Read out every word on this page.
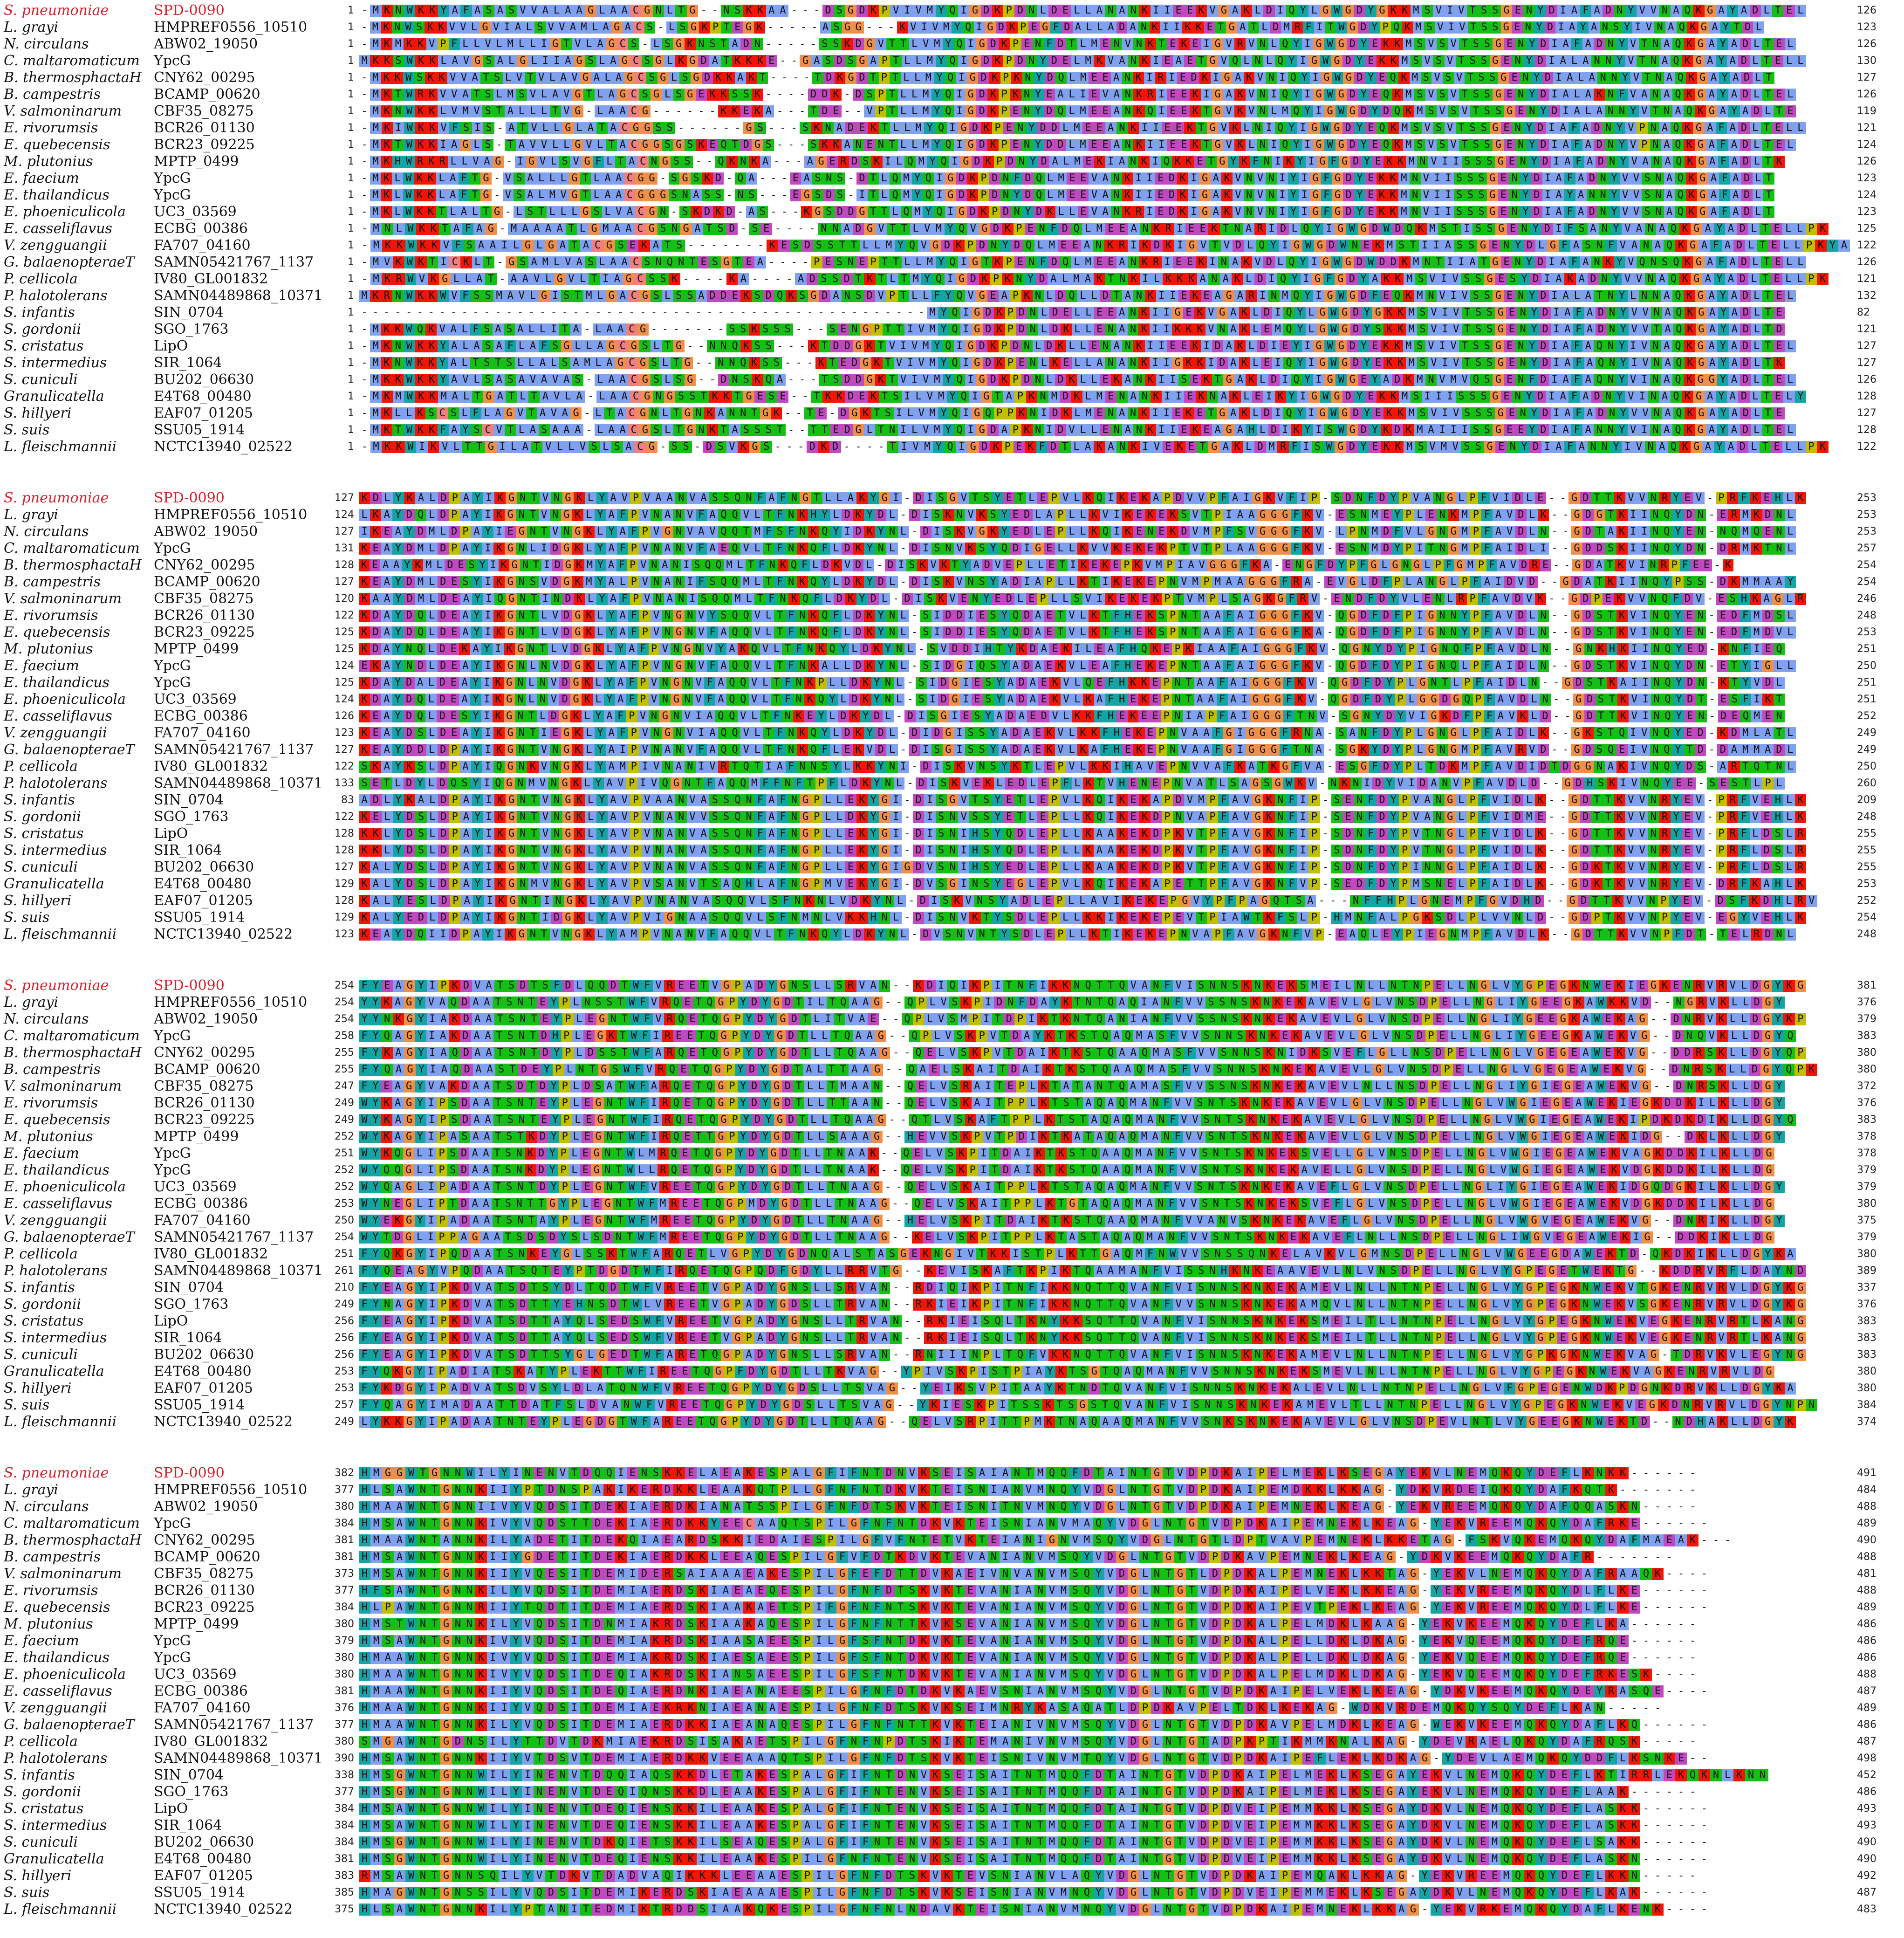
S. pneumoniae	SPD-0090	1 - M K N W K K Y A F A S A S V V A L A A G L A A C G N L T G - - N S K K A A - - - D S G D K P V I V M Y Q I G D K P D N L D E L L A N A N K I I E E K V G A K L D I Q Y L G W G D Y G K K M S V I V T S S G E N Y D I A F A D N Y V V N A Q K G A Y A D L T E L	126
L. grayi	HMPREF0556_10510	1 - M K N W S K K V V L G V I A L S V V A M L A G A C S - L S G K P T E G K - - - - - A S G G - - - K V I V M Y Q I G D K P E G F D A L L A D A N K I I K K E T G A T L D M R F I T W G D Y P Q K M S V I V T S S G E N Y D I A Y A N S Y I V N A Q K G A Y T D L	123
N. circulans	ABW02_19050	1 - M K M K K V P F L L V L M L L I G T V L A G C S - L S G K N S T A D N - - - - - S S K D G V T T L V M Y Q I G D K P E N F D T L M E N V N K T E K E I G V R V N L Q Y I G W G D Y E K K M S V S V T S S G E N Y D I A F A D N Y V T N A Q K G A Y A D L T E L	126
C. maltaromaticum	YpcG	1 M K K S W K K L A V G S A L G L I I A G S L A G C S G L K G D A T K K K E - - G A S D S G A P T L L M Y Q I G D K P D N Y D E L M K V A N K I E A E T G V Q L N L Q Y I G W G D Y E K K M S V S V T S S G E N Y D I A L A N N Y V T N A Q K G A Y A D L T E L L	130
B. thermosphactaH CNY62_00295	1 - M K K W S K K V V A T S L V T V L A V G A L A G C S G L S G D K K A K T - - - - T D K G D T P T L L M Y Q I G D K P K N Y D Q L M E E A N K I R I E D K I G A K V N I Q Y I G W G D Y E Q K M S V S V T S S G E N Y D I A L A N N Y V T N A Q K G A Y A D L T	127
B. campestris	BCAMP_00620	1 - M K T W R K V V A T S L M S V L A V G T L A G C S G L S G E K K S S K - - - - D D K - D S P T L L M Y Q I G D K P K N Y E A L I E V A N K R I E E K I G A K V N I Q Y I G W G D Y E Q K M S V S V T S S G E N Y D I A L A K N F V A N A Q K G A Y A D L T E L	126
V. salmoninarum	CBF35_08275	1 - M K N W K K L V M V S T A L L L T V G - L A A C G - - - - - - K K E K A - - - T D E - - V P T L L M Y Q I G D K P E N Y D Q L M E E A N K Q I E E K T G V K V N L M Q Y I G W G D Y D Q K M S V S V T S S G E N Y D I A L A N N Y V T N A Q K G A Y A D L T E	119
E. rivorumsis	BCR26_01130	1 - M K I W K K V F S I S - A T V L L G L A T A C G G S S - - - - - - G S - - - S K N A D E K T L L M Y Q I G D K P E N Y D D L M E E A N K I I E E K T G V K L N I Q Y I G W G D Y E Q K M S V S V T S S G E N Y D I A F A D N Y V P N A Q K G A F A D L T E L L	121
E. quebecensis	BCR23_09225	1 - M K T W K K I A G L S - T A V V L L G V L T A C G G S G S K E Q T D G S - - - S K K A N E N T L L M Y Q I G D K P E N Y D D L M E E A N K I I E E K T G V K L N I Q Y I G W G D Y E Q K M S V S V T S S G E N Y D I A F A D N Y V P N A Q K G A F A D L T E L	124
M. plutonius	MPTP_0499	1 - M K H W R K R L L V A G - I G V L S V G F L T A C N G S S - - Q K N K A - - - A G E R D S K I L Q M Y Q I G D K P D N Y D A L M E K I A N K I Q K K E T G Y K F N I K Y I G F G D Y E K K M N V I I S S S G E N Y D I A F A D N Y V A N A Q K G A F A D L T K	126
E. faecium	YpcG	1 - M K L W K K L A F T G - V S A L L L G T L A A C G G - S G S K D - Q A - - - E A S N S - D T L Q M Y Q I G D K P D N F D Q L M E E V A N K I I E D K I G A K V N V N I Y I G F G D Y E K K M N V I I S S S G E N Y D I A F A D N Y V V S N A Q K G A F A D L T	123
E. thailandicus	YpcG	1 - M K L W K K L A F T G - V S A L M V G T L A A C G G G S N A S S - N S - - - E G S D S - I T L Q M Y Q I G D K P D N Y D Q L M E E V A N K I I E D K I G A K V N V N I Y I G F G D Y E K K M N V I I S S S G E N Y D I A Y A N N Y V V S N A Q K G A F A D L T	124
E. phoeniculicola	UC3_03569	1 - M K L W K K T L A L T G - L S T L L L G S L V A C G N - S K D K D - A S - - - K G S D D G T T L Q M Y Q I G D K P D N Y D K L L E V A N K R I E D K I G A K V N V N I Y I G F G D Y E K K M N V I I S S S G E N Y D I A F A D N Y V V S N A Q K G A F A D L T	123
E. casseliflavus	ECBG_00386	1 - M N L W K K T A F A G - M A A A A T L G M A A C G S N G A T S D - S E - - - - N N A D G V T T L V M Y Q V G D K P E N F D Q L M E E A N K R I E E K T N A R I D L Q Y I G W G D W D Q K M S T I S S G E N Y D I F S A N Y V A N A Q K G A Y A D L T E L L P K	125
V. zengguangii	FA707_04160	1 - M K K W K K V F S A A I L G L G A T A C G S E K A T S - - - - - - - K E S D S S T T L L M Y Q V G D K P D N Y D Q L M E E A N K R I K D K I G V T V D L Q Y I G W G D W N E K M S T I I A S S G E N Y D L G F A S N F V A N A Q K G A F A D L T E L L P K Y A 122
G. balaenopteraeT	SAMN05421767_1137	1 - M V K W K T I C K L T - G S A M L V A S L A A C S N Q N T E S G T E A - - - - P E S N E P T T L L M Y Q I G T K P E N F D Q L M E E A N K R I E E K I N A K V D L Q Y I G W G D W D D K M N T I I A T G E N Y D I A F A N K Y V Q N S Q K G A F A D L T E L L	126
P. cellicola	IV80_GL001832	1 - M K R W V K G L L A T - A A V L G V L T I A G C S S K - - - - K A - - - - A D S S D T K T L T M Y Q I G D K P K N Y D A L M A K T N K I L K K K A N A K L D I Q Y I G F G D Y A K K M S V I V S S G E S Y D I A K A D N Y V V N A Q K G A Y A D L T E L L P K	121
P. halotolerans	SAMN04489868_10371	1 M K R N W K K W V F S S M A V L G I S T M L G A C G S L S S A D D E K S D Q K S G D A N S D V P T L L F Y Q V G E A P K N L D Q L L D T A N K I I E K E A G A R I N M Q Y I G W G D F E Q K M N V I V S S G E N Y D I A L A T N Y L N N A Q K G A Y A D L T E L	132
S. infantis	SIN_0704	1 - - - - - - - - - - - - - - - - - - - - - - - - - - - - - - - - - - - - - - - - - - - - - - - - - - - M Y Q I G D K P D N L D E L L E E A N K I I G E K V G A K L D I Q Y L G W G D Y G K K M S V I V T S S G E N Y D I A F A D N Y V V N A Q K G A Y A D L T E	82
S. gordonii	SGO_1763	1 - M K K W Q K V A L F S A S A L L I T A - L A A C G - - - - - - - S S K S S S - - - S E N G P T T I V M Y Q I G D K P D N L D K L L E N A N K I I K K K V N A K L E M Q Y L G W G D Y S K K M S V I V T S S G E N Y D I A F A D N Y V V T A Q K G A Y A D L T D	121
S. cristatus	LipO	1 - M K N W K K Y A L A S A F L A F S G L L A G C G S L T G - - N N Q K S S - - - K T D D G K T V I V M Y Q I G D K P D N L D K L L E N A N K I I E E K I D A K L D I E Y I G W G D Y E K K M S V I V T S S G E N Y D I A F A Q N Y I V N A Q K G A Y A D L T E L	127
S. intermedius	SIR_1064	1 - M K N W K K Y A L T S T S L L A L S A M L A G C G S L T G - - N N Q K S S - - - K T E D G K T V I V M Y Q I G D K P E N L K E L L A N A N K I I G K K I D A K L E I Q Y I G W G D Y E K K M S V I V T S S G E N Y D I A F A Q N Y I V N A Q K G A Y A D L T K	127
S. cuniculi	BU202_06630	1 - M K K W K K Y A V L S A S A V A V A S - L A A C G S L S G - - D N S K Q A - - - T S D D G K T V I V M Y Q I G D K P D N L D K L L E K A N K I I S E K T G A K L D I Q Y I G W G E Y A D K M N V M V Q S G E N F D I A F A Q N Y V I N A Q K G G Y A D L T E L	126
Granulicatella	E4T68_00480	1 - M K M W K K M A L T G A T L T A V L A - L A A C G N G S S T K K T G E S E - - T K K D E K T S I L V M Y Q I G T A P K N M D K L M E N A N K I I E K N A K L E I K Y I G W G D Y E K K M S I I I S S S G E N Y D I A F A D N Y V I N A Q K G A Y A D L T E L Y	128
S. hillyeri	EAF07_01205	1 - M K L L K S C S L F L A G V T A V A G - L T A C G N L T G N K A N N T G K - - T E - D G K T S I L V M Y Q I G Q P P K N I D K L M E N A N K I I E K E T G A K L D I Q Y I G W G D Y E K K M S V I V S S S G E N Y D I A F A D N Y V V N A Q K G A Y A D L T E	127
S. suis	SSU05_1914	1 - M K T W K K F A Y S C V T L A S A A A - L A A C G S L T G N K T A S S S T - - T T E D G L T N I L V M Y Q I G D A P K N I D V L L E N A N K I I E K E A G A H L D I K Y I S W G D Y K D K M A I I I S S G E E Y D I A F A N N Y V I N A Q K G A Y A D L T E L	128
L. fleischmannii	NCTC13940_02522	1 - M K K W I K V L T T G I L A T V L L V S L S A C G - S S - D S V K G S - - - D K D - - - - T I V M Y Q I G D K P E K F D T L A K A N K I V E K E T G A K L D M R F I S W G D Y E K K M S V M V S S G E N Y D I A F A N N Y I V N A Q K G A Y A D L T E L L P K	122
S. pneumoniae	SPD-0090	127 K D L Y K A L D P A Y I K G N T V N G K L Y A V P V A A N V A S S Q N F A F N G T L L A K Y G I - D I S G V T S Y E T L E P V L K Q I K E K A P D V V P F A I G K V F I P - S D N F D Y P V A N G L P F V I D L E - - G D T T K V V N R Y E V - P R F K E H L K	253
L. grayi	HMPREF0556_10510	124 L K A Y D Q L D P A Y I K G N T V N G K L Y A F P V N A N V F A Q Q V L T F N K H Y L D K Y D L - D I S K N V K S Y E D L A P L L K V I K E K E K S V T P I A A G G G F K V - E S N M E Y P L E N K M P F A V D L K - - G D G T K I I N Q Y D N - E R M K D N L	253
N. circulans	ABW02_19050	127 I K E A Y D M L D P A Y I E G N T V N G K L Y A F P V G N V A V Q Q T M F S F N K Q Y I D K Y N L - D I S K V G K Y E D L E P L L K Q I K E N E K D V M P F S V G G G F K V - L P N M D F V L G N G M P F A V D L N - - G D T A K I I N Q Y E N - N Q M Q E N L	253
C. maltaromaticum	YpcG	131 K E A Y D M L D P A Y I K G N L I D G K L Y A F P V N A N V F A E Q V L T F N K Q F L D K Y N L - D I S N V K S Y Q D I G E L L K V V K E K E K P T V T P L A A G G G F K V - E S N M D Y P I T N G M P F A I D L I - - G D D S K I I N Q Y D N - D R M K T N L	257
B. thermosphactaH CNY62_00295	128 K E A A Y K M L D E S Y I K G N T I D G K M Y A F P V N A N I S Q Q M L T F N K Q F L D K V D L - D I S K V K T Y A D V E P L L E T I K E K E P K V M P I A V G G G F K A - E N G F D Y P F G L G N G L P F G M P F A V D R E - - G D A T K V I N R P F E E - K	254
B. campestris	BCAMP_00620	127 K E A Y D M L D E S Y I K G N S V D G K M Y A L P V N A N I F S Q Q M L T F N K Q Y L D K Y D L - D I S K V N S Y A D I A P L L K T I K E K E P N V M P M A A G G G F R A - E V G L D F P L A N G L P F A I D V D - - G D A T K I I N Q Y P S S - D K M M A A Y	254
V. salmoninarum	CBF35_08275	120 K A A Y D M L D E A Y I Q G N T I N D K L Y A F P V N A N I S Q Q M L T F N K Q F L D K Y D L - D I S K V E N Y E D L E P L L S V I K E K E K P T V M P L S A G K G F R V - E N D F D Y V L E N L R P F A V D V K - - G D P E K V V N Q F D V - E S H K A G L R	246
E. rivorumsis	BCR26_01130	122 K D A Y D Q L D E A Y I K G N T L V D G K L Y A F P V N G N V Y S Q Q V L T F N K Q F L D K Y N L - S I D D I E S Y Q D A E T V L K T F H E K S P N T A A F A I G G G F K V - Q G D F D F P I G N N Y P F A V D L N - - G D S T K V I N Q Y E N - E D F M D S L	248
E. quebecensis	BCR23_09225	125 K D A Y D Q L D E A Y I K G N T L V D G K L Y A F P V N G N V F A Q Q V L T F N K Q F L D K Y N L - S I D D I E S Y Q D A E T V L K T F H E K S P N T A A F A I G G G F K A - Q G D F D F P I G N N Y P F A V D L N - - G D S T K V I N Q Y E N - E D F M D V L	253
M. plutonius	MPTP_0499	125 K D A Y N Q L D E K A Y I K G N T L V D G K L Y A F P V N G N V Y A K Q V L T F N K Q Y L D K Y N L - S V D D I H T Y K D A E K I L E A F H Q K E P K I A A F A I G G G F K V - Q G N Y D Y P I G N Q F P F A V D L N - - G N K H K I I N Q Y E D - K N F I E Q	251
E. faecium	YpcG	124 E K A Y N D L D E A Y I K G N L N V D G K L Y A F P V N G N V F A Q Q V L T F N K A L L D K Y N L - S I D G I Q S Y A D A E K V L E A F H E K E P N T A A F A I G G G F K V - Q G D F D Y P I G N Q L P F A I D L N - - G D S T K V I N Q Y D N - E T Y I G L L	250
E. thailandicus	YpcG	125 K D A Y D A L D E A Y I K G N L N V D G K L Y A F P V N G N V F A Q Q V L T F N K P L L D K Y N L - S I D G I E S Y A D A E K V L Q E F H K K E P N T A A F A I G G G F K V - Q G D F D Y P L G N T L P F A I D L N - - G D S T K A I I N Q Y D N - K T Y V D L	251
E. phoeniculicola	UC3_03569	124 K D A Y D Q L D E A Y I K G N L N V D G K L Y A F P V N G N V F A Q Q V L T F N K Q Y L D K Y N L - S I D G I E S Y A D A E K V L K A F H E K E P N T A A F A I G G G F K V - Q G D F D Y P L G G D G Q P F A V D L N - - G D S T K V I N Q Y D T - E S F I K T	251
E. casseliflavus	ECBG_00386	126 K E A Y D Q L D E S Y I K G N T L D G K L Y A F P V N G N V I A Q Q V L T F N K E Y L D K Y D L - D I S G I E S Y A D A E D V L K K F H E K E E P N I A P F A I G G G F T N V - S G N Y D Y V I G K D F P F A V K L D - - G D T T K V I N Q Y E N - D E Q M E N	252
V. zengguangii	FA707_04160	123 K E A Y D S L D E A Y I K G N T I E G K L Y A F P V N G N V I A Q Q V L T F N K Q Y L D K Y D L - D I D G I S S Y A D A E K V L K K F H E K E P N V A A F G I G G G F R N A - S A N F D Y P L G N G L P F A I D L K - - G K S T Q I V N Q Y E D - K D M L A T L	249
G. balaenopteraeT	SAMN05421767_1137	127 K E A Y D D L D P A Y I K G N T V N G K L Y A I P V N A N V F A Q Q V L T F N K Q F L E K V D L - D I S G I S S Y A D A E K V L K A F H E K E P N V A A F G I G G G F T N A - S G K Y D Y P L G N G M P F A V R V D - - G D S Q E I V N Q Y T D - D A M M A D L	249
P. cellicola	IV80_GL001832	122 S K A Y K S L D P A Y I Q G N K V N G K L Y A M P I V N A N I V R T Q T I A F N N S Y L K K Y N I - D I S K V N S Y K T L E P V L K K I H A V E P N V V A F K A T K G F V A - E S G F D Y P L T D K M P F A V D I D T D G G N A K I V N Q Y D S - A R T Q T N L	250
P. halotolerans	SAMN04489868_10371	133 S E T L D Y L D Q S Y I Q G N M V N G K L Y A V P I V Q G N T F A Q Q M F F N F T P F L D K Y N L - D I S K V E K L E D L E P F L K T V H E N E P N V A T L S A G S G W K V - N K N I D Y V I D A N V P F A V D L D - - G D H S K I V N Q Y E E - S E S T L P L	260
S. infantis	SIN_0704	83 A D L Y K A L D P A Y I K G N T V N G K L Y A V P V A A N V A S S Q N F A F N G P L L E K Y G I - D I S G V T S Y E T L E P V L K Q I K E K A P D V M P F A V G K N F I P - S E N F D Y P V A N G L P F V I D L K - - G D T T K V V N R Y E V - P R F V E H L K	209
S. gordonii	SGO_1763	122 K E L Y D S L D P A Y I K G N T V N G K L Y A V P V N A N V V S S Q N F A F N G P L L D K Y G I - D I S N V S S Y E T L E P L L K Q I K E K D P N V A P F A V G K N F I P - S E N F D Y P V A N G L P F V I D M E - - G D T T K V V N R Y E V - P R F V E H L K	248
S. cristatus	LipO	128 K K L Y D S L D P A Y I K G N T V N G K L Y A V P V N A N V A S S Q N F A F N G P L L E K Y G I - D I S N I H S Y Q D L E P L L K A A K E K D P K V T P F A V G K N F I P - S D N F D Y P V T N G L P F V I D L K - - G D T T K V V N R Y E V - P R F L D S L R	255
S. intermedius	SIR_1064	128 K K L Y D S L D P A Y I K G N T V N G K L Y A V P V N A N V A S S Q N F A F N G P L L E K Y G I - D I S N I H S Y Q D L E P L L K A A K E K D P K V T P F A V G K N F I P - S D N F D Y P V T N G L P F V I D L K - - G D T T K V V N R Y E V - P R F L D S L R	255
S. cuniculi	BU202_06630	127 K A L Y D S L D P A Y I K G N T V N G K L Y A V P V N A N V A S S Q N F A F N G P L L E K Y G I G D V S N I H S Y E D L E P L L K A A K E K D P K V T P F A V G K N F I P - S D N F D Y P I N N G L P F A I D L K - - G D K T K V V N R Y E V - P R F L D S L R	255
Granulicatella	E4T68_00480	129 K A L Y D S L D P A Y I K G N M V N G K L Y A V P V S A N V T S A Q H L A F N G P M V E K Y G I - D V S G I N S Y E G L E P V L K Q I K E K A P E T T P F A V G K N F V P - S E D F D Y P M S N E L P F A I D L K - - G D K T K V V N R Y E V - D R F K A H L K	253
S. hillyeri	EAF07_01205	128 K A L Y E S L D P A Y I K G N T I N G K L Y A V P V N A N V A S Q Q V L S F N K N L V D K Y N L - D I S K V N S Y A D L E P L L A V I K E K E P G V Y P F P A G Q T S A - - - N F F H P L G N E M P F G V D H D - - G D T T K V V N P Y E V - D S F K D H L R V	252
S. suis	SSU05_1914	129 K A L Y E D L D P A Y I K G N T I D G K L Y A V P V I G N A A S Q Q V L S F N M N L V K K H N L - D I S N V K T Y S D L E P L L K K I K E K E P E V T P I A W T K F S L P - H M N F A L P G K S D L P L V V N L D - - G D P T K V V N P Y E V - E G Y V E H L K	254
L. fleischmannii	NCTC13940_02522	123 K E A Y D Q I I D P A Y I K G N T V N G K L Y A M P V N A N V F A Q Q V L T F N K Q Y L D K Y N L - D V S N V N T Y S D L E P L L K T I K E K E P N V A P F A V G K N F V P - E A Q L E Y P I E G N M P F A V D L K - - G D T T K V V N P F D T - T E L R D N L	248
S. pneumoniae	SPD-0090	254 F Y E A G Y I P K D V A T S D T S F D L Q Q D T W F V R E E T V G P A D Y G N S L L S R V A N - - K D I Q I K P I T N F I K K N Q T T Q V A N F V I S N N S K N K E K S M E I L N L L N T N P E L L N G L V Y G P E G K N W E K I E G K E N R V R V L D G Y K G	381
L. grayi	HMPREF0556_10510	254 Y Y K A G Y V A Q D A A T S N T E Y P L N S S T W F V R Q E T Q G P Y D Y G D T I L T Q A A G - - Q P L V S K P I D N F D A Y K T N T Q A Q I A N F V V S S N S K N K E K A V E V L G L V N S D P E L L N G L I Y G E E G K A W K K V D - - N G R V K L L D G Y	376
N. circulans	ABW02_19050	254 Y Y N K G Y I A K D A A T S N T E Y P L E G N T W F V R Q E T Q G P Y D Y G D T L I T V A E - - Q P L V S M P I T D P I K T K N T Q A N I A N F V V S S N S K N K E K A V E V L G L V N S D P E L L N G L I Y G E E G K A W E K A G - - D N R V K L L D G Y K P	379
C. maltaromaticum	YpcG	258 F Y Q A G Y I A K D A A T S N T D H P L E G K T W F I R E E T Q G P Y D Y G D T L L T Q A A G - - Q P L V S K P V T D A Y K T K S T Q A Q M A S F V V S N N S K N K E K A V E V L G L V N S D P E L L N G L I Y G E E G K A W E K V G - - D N Q V K L L D G Y Q	383
B. thermosphactaH CNY62_00295	255 F Y K A G Y I A Q D A A T S N T D Y P L D S S T W F A R Q E T Q G P Y D Y G D T L L T Q A A G - - Q E L V S K P V T D A I K T K S T Q A A Q M A S F V V S N N S K N I D K S V E F L G L L N S D P E L L N G L V G E G E A W E K V G - - D D R S K L L D G Y Q P	380
B. campestris	BCAMP_00620	255 F Y Q A G Y I A Q D A A S T D E Y P L N T G S W F V R Q E T Q G P Y D Y G D T A L T T A A G - - Q A E L S K A I T D A I K T K S T Q A A Q M A S F V V S N N S K N K E K A V E V L G L V N S D P E L L N G L V G E G E A W E K V G - - D N R S K L L D G Y Q P K	380
V. salmoninarum	CBF35_08275	247 F Y E A G Y V A K D A A T S D T D Y P L D S A T W F A R Q E T Q G P Y D Y G D T L L T M A A N - - Q E L V S R A I T E P L K T A T A N T Q A M A S F V V S S N S K N K E K A V E V L N L L N S D P E L L N G L I Y G I E G E A W E K V G - - D N R S K L L D G Y	372
E. rivorumsis	BCR26_01130	249 W Y K A G Y I P S D A A T S N T E Y P L E G N T W F I R Q E T Q G P Y D Y G D T L L T T A A N - - Q E L V S K A I T P P L K T S T A Q A Q M A N F V V S N T S K N K E K A V E V L G L V N S D P E L L N G L V W G I E G E A W E K I E G K D D K I L K L L D G Y	376
E. quebecensis	BCR23_09225	249 W Y K A G Y I P S D A A T S N T E Y P L E G N T W F I R Q E T Q G P Y D Y G D T L L T Q A A G - - Q T L V S K A F T P P L K T S T A Q A Q M A N F V V S N T S K N K E K A V E V L G L V N S D P E L L N G L V W G I E G E A W E K I P D K D K D I K L L D G Y Q	383
M. plutonius	MPTP_0499	252 W Y K A G Y I P A S A A T S T K D Y P L E G N T W F I R Q E T T G P Y D Y G D T L L S A A A G - - H E V V S K P V T P D I K T K A T A Q A Q M A N F V V S N T S K N K E K A V E V L G L V N S D P E L L N G L V W G I E G E A W E K I D G - - D K L K L L D G Y	378
E. faecium	YpcG	251 W Y K Q G L I P S D A A T S N K D Y P L E G N T W L M R Q E T Q G P Y D Y G D T L L T N A A K - - Q E L V S K P I T D A I K T K S T Q A A Q M A N F V V S N T S K N K E K S V E L L G L V N S D P E L L N G L V W G I E G E A W E K V A G K D D K I L K L L D G	378
E. thailandicus	YpcG	252 W Y Q Q G L I P S D A A T S N K D Y P L E G N T W L L R Q E T Q G P Y D Y G D T L L T N A A K - - Q E L V S K P I T D A I K T K S T Q A A Q M A N F V V S N T S K N K E K A V E L L G L V N S D P E L L N G L V W G I E G E A W E K V D G K D D K I L K L L D G	379
E. phoeniculicola	UC3_03569	252 W Y Q A G L I P A D A A T S N T D Y P L E G N T W F V R E E T Q G P Y D Y G D T L L T N A A G - - Q E L V S K A I T P P L K T S T A Q A Q M A N F V V S N T S K N K E K A V E F L G L V N S D P E L L N G L I Y G I E G E A W E K I D G Q D G K I L K L L D G Y	379
E. casseliflavus	ECBG_00386	253 W Y N E G L I P T D A A T S N T T G Y P L E G N T W F M R E E T Q G P M D Y G D T L L T N A A G - - Q E L V S K A I T P P L K T G T A Q A Q M A N F V V S N T S K N K E K S V E F L G L V N S D P E L L N G L V W G I E G E A W E K V D G K D D K I L K L L D G	380
V. zengguangii	FA707_04160	250 W Y E K G Y I P A D A A T S N T A Y P L E G N T W F M R E E T Q G P Y D Y G D T L L T N A A G - - H E L V S K P I T D A I K T K S T Q A A Q M A N F V V A N V S K N K E K A V E F L G L V N S D P E L L N G L V W G V E G E A W E K V G - - D N R I K L L D G Y	375
G. balaenopteraeT	SAMN05421767_1137	254 W Y T D G L I P P A G A A T S D S D Y S L S D N T W F M R E E T Q G P Y D Y G D T L L T N A A G - - K E L V S K P I T P P L K T A S T A Q A Q M A N F V V S N T S K N K E K A V E F L N L L N S D P E L L N G L I W G V E G E A W E K I G - - D D K I K L L D G	379
P. cellicola	IV80_GL001832	251 F Y Q K G Y I P Q D A A T S N K E Y G L S S K T W F A R Q E T L V G P Y D Y G D N Q A L S T A S G E K N G I V T K K I S T P L K T T G A Q M F N W V V S N S S Q N K E L A V K V L G M N S D P E L L N G L V W G E E G D A W E K T D - Q K D K I K L L D G Y K A	380
P. halotolerans	SAMN04489868_10371	261 F Y Q E A G Y V P Q D A A T S Q T E Y P T D G D T W F I R Q E T Q G P Q D F G D Y L L R R V T G - - K E V I S K A F T K P I K T Q A A M A N F V I S S N H K N K E A A V E V L N L V N S D P E L L N G L V Y G P E G E T W E K T G - - K D D R V R F L D A Y N D	389
S. infantis	SIN_0704	210 F Y E A G Y I P K D V A T S D T S Y D L T Q D T W F V R E E T V G P A D Y G N S L L S R V A N - - R D I Q I K P I T N F I K K N Q T T Q V A N F V I S N N S K N K E K A M E V L N L L N T N P E L L N G L V Y G P E G K N W E K V T G K E N R V R V L D G Y K G	337
S. gordonii	SGO_1763	249 F Y N A G Y I P K D V A T S D T T Y E H N S D T W L V R E E T V G P A D Y G D S L L T R V A N - - R K I E I K P I T N F I K K N Q T T Q V A N F V V S N N S K N K E K A M Q V L N L L N T N P E L L N G L V Y G P E G K N W E K V S G K E N R V R V L D G Y K G	376
S. cristatus	LipO	256 F Y E A G Y I P K D V A T S D T T A Y Q L S E D S W F V R E E T V G P A D Y G N S L L T R V A N - - R K I E I S Q L T K N Y K K S Q T T Q V A N F V I S N N S K N K E K S M E I L T L L N T N P E L L N G L V Y G P E G K N W E K V E G K E N R V R T L K A N G	383
S. intermedius	SIR_1064	256 F Y E A G Y I P K D V A T S D T T A Y Q L S E D S W F V R E E T V G P A D Y G N S L L T R V A N - - R K I E I S Q L T K N Y K K S Q T T Q V A N F V I S N N S K N K E K S M E I L T L L N T N P E L L N G L V Y G P E G K N W E K V E G K E N R V R T L K A N G	383
S. cuniculi	BU202_06630	256 F Y E A G Y I P K D V A T S D T T S Y G L G E D T W F A R E T Q G P A D Y G N S L L S R V A N - - R N I I I N P L T Q F V K K N Q T T Q V A N F V I S N N S K N K E K A M E V L N L L N T N P E L L N G L V Y G P K G K N W E K V A G - T D R V K V L E G Y N G	383
Granulicatella	E4T68_00480	253 F Y Q K G Y I P A D I A T S K A T Y P L E K T T W F I R E E T Q G P F D Y G D T L L T K V A G - - Y P I V S K P I S T P I A Y K T S G T Q A Q M A N F V V S N N S K N K E K S M E V L N L L N T N P E L L N G L V Y G P E G K N W E K V A G K E N R V R V L D G	380
S. hillyeri	EAF07_01205	253 F Y K D G Y I P A D V A T S D V S Y L D L A T Q N W F V R E E T Q G P Y D Y G D S L L T S V A G - - Y E I K S V P I T A A Y K T N D T Q V A N F V I S N N S K N K E K A L E V L N L L N T N P E L L N G L V F G P E G E N W D K P D G N K D R V K L L D G Y K A	380
S. suis	SSU05_1914	257 F Y Q A G Y I M A D A A T T D A T F S L D V A N W F V R E E T Q G P Y D Y G D S L L T S V A G - - Y K I E S K P I T S S K T S G S T Q V A N F V I S N N S K N K E K A M E V L T L L N T N P E L L N G L V Y G P E G K N W E K V E G K D N R V R V L D G Y N P N	384
L. fleischmannii	NCTC13940_02522	249 L Y K K G Y I P A D A A T N T E Y P L E G D G T W F A R E E T Q G P Y D Y G D T L L T Q A A G - - Q E L V S R P I T T P M K T N A Q A A Q M A N F V V S N K S K N K E K A V E V L G L V N S D P E V L N T L V Y G E E G K N W E K T D - - N D H A K L L D G Y K	374
S. pneumoniae	SPD-0090	382 H M G G W T G N N W I L Y I N E N V T D Q Q I E N S K K E L A E A K E S P A L G F I F N T D N V K S E I S A I A N T M Q Q F D T A I N T G T V D P D K A I P E L M E K L K S E G A Y E K V L N E M Q K Q Y D E F L K N K K - - - - - -	491
L. grayi	HMPREF0556_10510	377 H L S A W N T G N N K I I Y P T D N S P A K I K E R D K K L E A A K Q T P L L G F N F N T D K V K T E I S N I A N V M N Q Y V D G L N T G T V D P D K A I P E M D K K L K K A G - Y D K V R D E I Q K Q Y D A F K Q T K - - - - - - -	484
N. circulans	ABW02_19050	380 H M A A W N T G N N I I V Y V Q D S I T D E K I A E R D K I A N A T S S P I L G F N F D T S K V K T E I S N I T N V M N Q Y V D G L N T G T V D P D K A I P E M N E K L K E A G - Y E K V R E E M Q K Q Y D A F Q Q A S K N - - - - -	488
C. maltaromaticum	YpcG	384 H M S A W N T G N N K I V Y V Q D S T T D E K I A E R D K K Y E E C A A Q T S P I L G F N F N T D K V K T E I S N I A N V M A Q Y V D G L N T G T V D P D K A I P E M N E K L K E A G - Y E K V R E E M Q K Q Y D A F R K E - - - - - -	489
B. thermosphactaH CNY62_00295	381 H M A A W N T A N N K I L Y A D E T I T D E K Q I A E A R D S K K I E D A I E S P I L G F V F N T E T V K T E I A N I G N V M S Q Y V D G L N T G T L D P T V A V P E M N E K L K K E T A G - F S K V Q K E M Q K Q Y D A F M A E A K - - -	490
B. campestris	BCAMP_00620	381 H M S A W N T G N N K I I Y G D E T I T D E K I A E R D K K L E E A Q E S P I L G F V F D T K D V K T E V A N I A N V M S Q Y V D G L N T G T V D P D K A V P E M N E K L K E A G - Y D K V K E E M Q K Q Y D A F R - - - - - - -	488
V. salmoninarum	CBF35_08275	373 H M S A W N T G N N K I I Y V Q E S I T D E M I D E R S A I A A A E A K E S P I L G F E F D T T D V K A E I V N V A N V M S Q Y V D G L N T G T L D P D K A L P E M N E K L K K T A G - Y E K V L N E M Q K Q Y D A F R A A Q K - - - -	481
E. rivorumsis	BCR26_01130	377 H F S A W N T G N N K I L Y V Q D S I T D E M I A E R D S K I A E A E Q E S P I L G F N F D T S K V K T E V A N I A N V M S Q Y V D G L N T G T V D P D K A I P E L V E K L K K E A G - Y E K V R E E M Q K Q Y D L F L K E - - - - - -	488
E. quebecensis	BCR23_09225	384 H L P A W N T G N N R I I Y T Q D T I T D E M I A E R D S K I A A K A E T S P I F G F N F N T S K V K T E V A N I A N V M S Q Y V D G L N T G T V D P D K A I P E V T P E K L K E A G - Y E K V R E E M Q K Q Y D L F L K E - - - - - -	489
M. plutonius	MPTP_0499	380 H M S T W N T G N N K I L Y V Q D S I T D N M I A K R D S K I A A K A Q E S P I L G F N F N T T K V K S E V A N I A N V M S Q Y V D G L N T G T V D P D K A L P E L M D K L K A A G - Y E K V K E E M Q K Q Y D E F L K A - - - - - -	486
E. faecium	YpcG	379 H M S A W N T G N N K I V Y V Q D S I T D E M I A K R D S K I A A S A E E S P I L G F S F N T D K V K T E V A N I A N V M S Q Y V D G L N T G T V D P D K A L P E L L D K L D K A G - Y E K V Q E E M Q K Q Y D E F R Q E - - - - - -	486
E. thailandicus	YpcG	380 H M A A W N T G N N K I V Y V Q D S I T D E M I A K R D S K I A E S A E E S P I L G F S F N T D K V K T E V A N I A N V M S Q Y V D G L N T G T V D P D K A L P E L L D K L D K A G - Y E K V Q E E M Q K Q Y D E F R Q E - - - - - -	486
E. phoeniculicola	UC3_03569	380 H M A A W N T G N N K I V Y V Q D S I T D E Q I A K R D S K I A N S A E E S P I L G F S F N T D K V K T E V A N I A N V M S Q Y V D G L N T G T V D P D K A L P E L M D K L D K A G - Y E K V Q E E M Q K Q Y D E F R K E S K - - - -	488
E. casseliflavus	ECBG_00386	381 H M A A W N T G N N K I I Y V Q D S I T D E Q I A E R D N K I A E A N A E E S P I L G F N F D T D K V K A E V S N I A N V M S Q Y V D G L N T G T V D P D K A I P E L V E K L K E A G - Y D K V K E E M Q K Q Y D E Y R A S Q E - - - -	487
V. zengguangii	FA707_04160	376 H M A A W N T G N N K I I Y V Q D S I T D E M I A E K R K N I A E A N A E S P I L G F N F D T S K V K S E I M N R Y K A S A Q A T L D P D K A V P E L T D K L K E K A G - W D K V R D E M Q K Q Y S Q Y D E F L K A N - - - - -	489
G. balaenopteraeT	SAMN05421767_1137	377 H M A A W N T G N N K I L Y V Q D S I T D E M I A E R D K K I A E A N A Q E S P I L G F N F N T T K V K T E I A N I V N V M S Q Y V D G L N T G T V D P D K A V P E L M D K L K E A G - W E K V K E E M Q K Q Y D A F L K Q - - - - - -	486
P. cellicola	IV80_GL001832	380 S M G A W N T G D N S I L Y T T D V T D K M I A E K R D S I S A K A E T S P I L G F N F N P D T S K I K T E M A N I V N V M S Q Y V D G L N T G T A D P K P T I K M M K N A L K A G - Y D E V R A E L Q K Q Y D A F R Q S K - - - - -	487
P. halotolerans	SAMN04489868_10371	390 H M S A W N T G N N K I I Y V T D S V T D E M I A E R D K K V E E A A A Q T S P I L G F N F D T S K V K T E I S N I V N V M T Q Y V D G L N T G T V D P D K A I P E F L E K L K D K A G - Y D E V L A E M Q K Q Y D D F L K S N K E - -	498
S. infantis	SIN_0704	338 H M S G W N T G N N W I L Y I N E N V T D Q Q I A Q S K K D L E T A K E S P A L G F I F N T D N V K S E I S A I T N T M Q Q F D T A I N T G T V D P D K A I P E L M E K L K S E G A Y E K V L N E M Q K Q Y D E F L K T I R R L E K Q K N L K N N	452
S. gordonii	SGO_1763	377 H M S G W N T G N N W I L Y I N E N V T D E Q I Q N S K K D L E A A K E S P A L G F I F N T E N V K S E I S A I T N T M Q Q F D T A I N T G T V D P D K A I P E L M E K L K S E G A Y E K V L N E M Q K Q Y D E F L A A K - - - - - -	486
S. cristatus	LipO	384 H M S A W N T G N N W I L Y I N E N V T D E Q I E N S K K I L E A A K E S P A L G F I F N T E N V K S E I S A I T N T M Q Q F D T A I N T G T V D P D V E I P E M M K K L K S E G A Y D K V L N E M Q K Q Y D E F L A S K K - - - - - -	493
S. intermedius	SIR_1064	384 H M S A W N T G N N W I L Y I N E N V T D E Q I E N S K K I L E A A K E S P A L G F I F N T E N V K S E I S A I T N T M Q Q F D T A I N T G T V D P D V E I P E M M K K L K S E G A Y D K V L N E M Q K Q Y D E F L A S K K - - - - - -	493
S. cuniculi	BU202_06630	384 H M S G W N T G N N W I L Y I N E N V T D K Q I E T S K K I L S E A Q E S P A L G F I F N T E N V K S E I S A I T N T M Q Q F D T A I N T G T V D P D V E I P E M M K K L K S E G A Y D K V L N E M Q K Q Y D E F L S A K K - - - - - -	490
Granulicatella	E4T68_00480	381 H M S G W N T G N N W I L Y I N E N V T D E Q I E N S K K I L E A A K E S P I L G F N F N T E N V K S E I S A I T N T M Q Q F D T A I N T G T V D P D V E I P E M M K K L K S E G A Y D K V L N E M Q K Q Y D E F L A S K N - - - - - -	490
S. hillyeri	EAF07_01205	383 R M S A W N T G N N S Q I L Y V T D K V T D A D V A Q I K K K L E E A A E S P I L G F N F D T S K V K T E V S N I A N V L A Q Y V D G L N T G T V D P D K A I P E M Q A K L K K A G - Y E K V R E E M Q K Q Y D E F L K K N - - - - -	492
S. suis	SSU05_1914	385 H M A G W N T G N S S I L Y V Q D S I T D E M I K E R D S K I A E A A A E S P I L G F N F D T S K V K S E I S N I A N V M N Q Y V D G L N T G T V D P D V E I P E M M E K L K S E G A Y D K V L N E M Q K Q Y D E F L K A K - - - - - -	487
L. fleischmannii	NCTC13940_02522	375 H L S A W N T G N N K I L Y P T A N I T E D M I K T R D D S I A A K Q K E S P I L G F N F N L N D A V K T E I S N I A N V M N Q Y V D G L N T G T V D P D K A I P E M N E K L K K A G - Y E K V R K E M Q K Q Y D A F L K E N K - - - -	483
